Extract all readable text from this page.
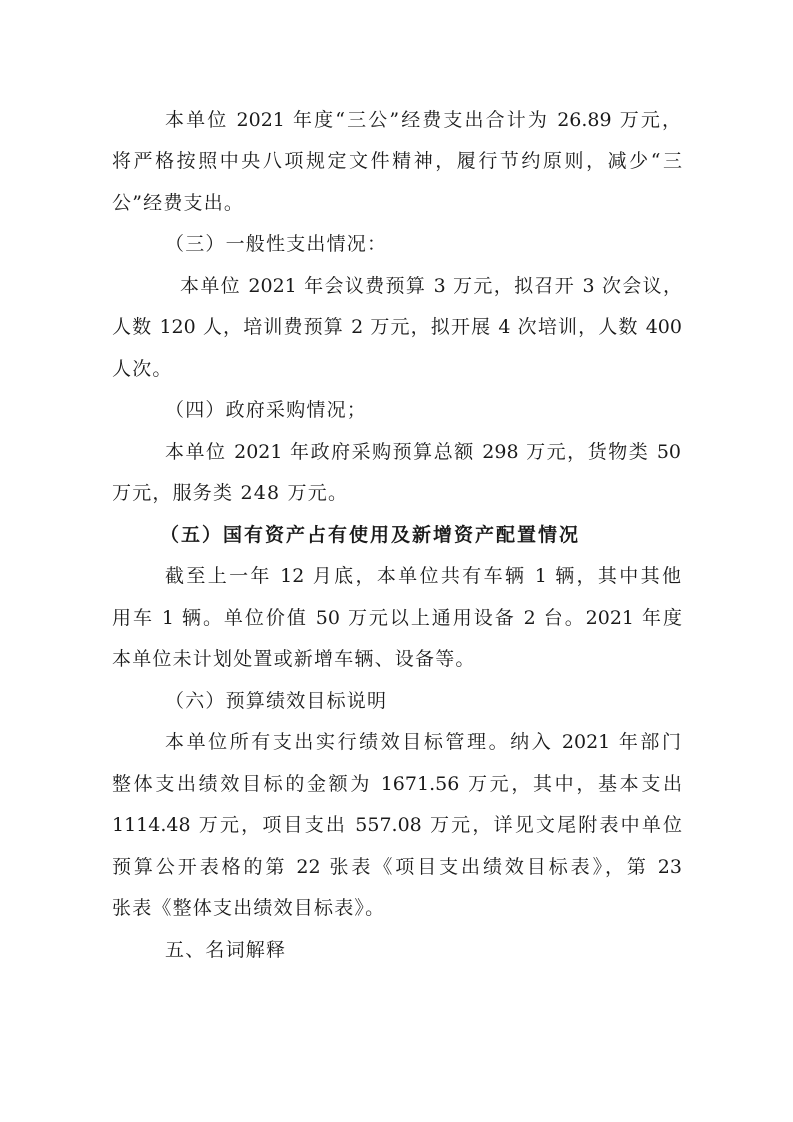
本单位 2021 年度“三公”经费支出合计为 26.89 万元，
将严格按照中央八项规定文件精神，履行节约原则，减少“三
公”经费支出。
（三）一般性支出情况：
本单位 2021 年会议费预算 3 万元，拟召开 3 次会议，
人数 120 人，培训费预算 2 万元，拟开展 4 次培训，人数 400
人次。
（四）政府采购情况；
本单位 2021 年政府采购预算总额 298 万元，货物类 50
万元，服务类 248 万元。
（五）国有资产占有使用及新增资产配置情况
截至上一年 12 月底，本单位共有车辆 1 辆，其中其他
用车 1 辆。单位价值 50 万元以上通用设备 2 台。2021 年度
本单位未计划处置或新增车辆、设备等。
（六）预算绩效目标说明
本单位所有支出实行绩效目标管理。纳入 2021 年部门
整体支出绩效目标的金额为 1671.56 万元，其中，基本支出
1114.48 万元，项目支出 557.08 万元，详见文尾附表中单位
预算公开表格的第 22 张表《项目支出绩效目标表》，第 23
张表《整体支出绩效目标表》。
五、名词解释
